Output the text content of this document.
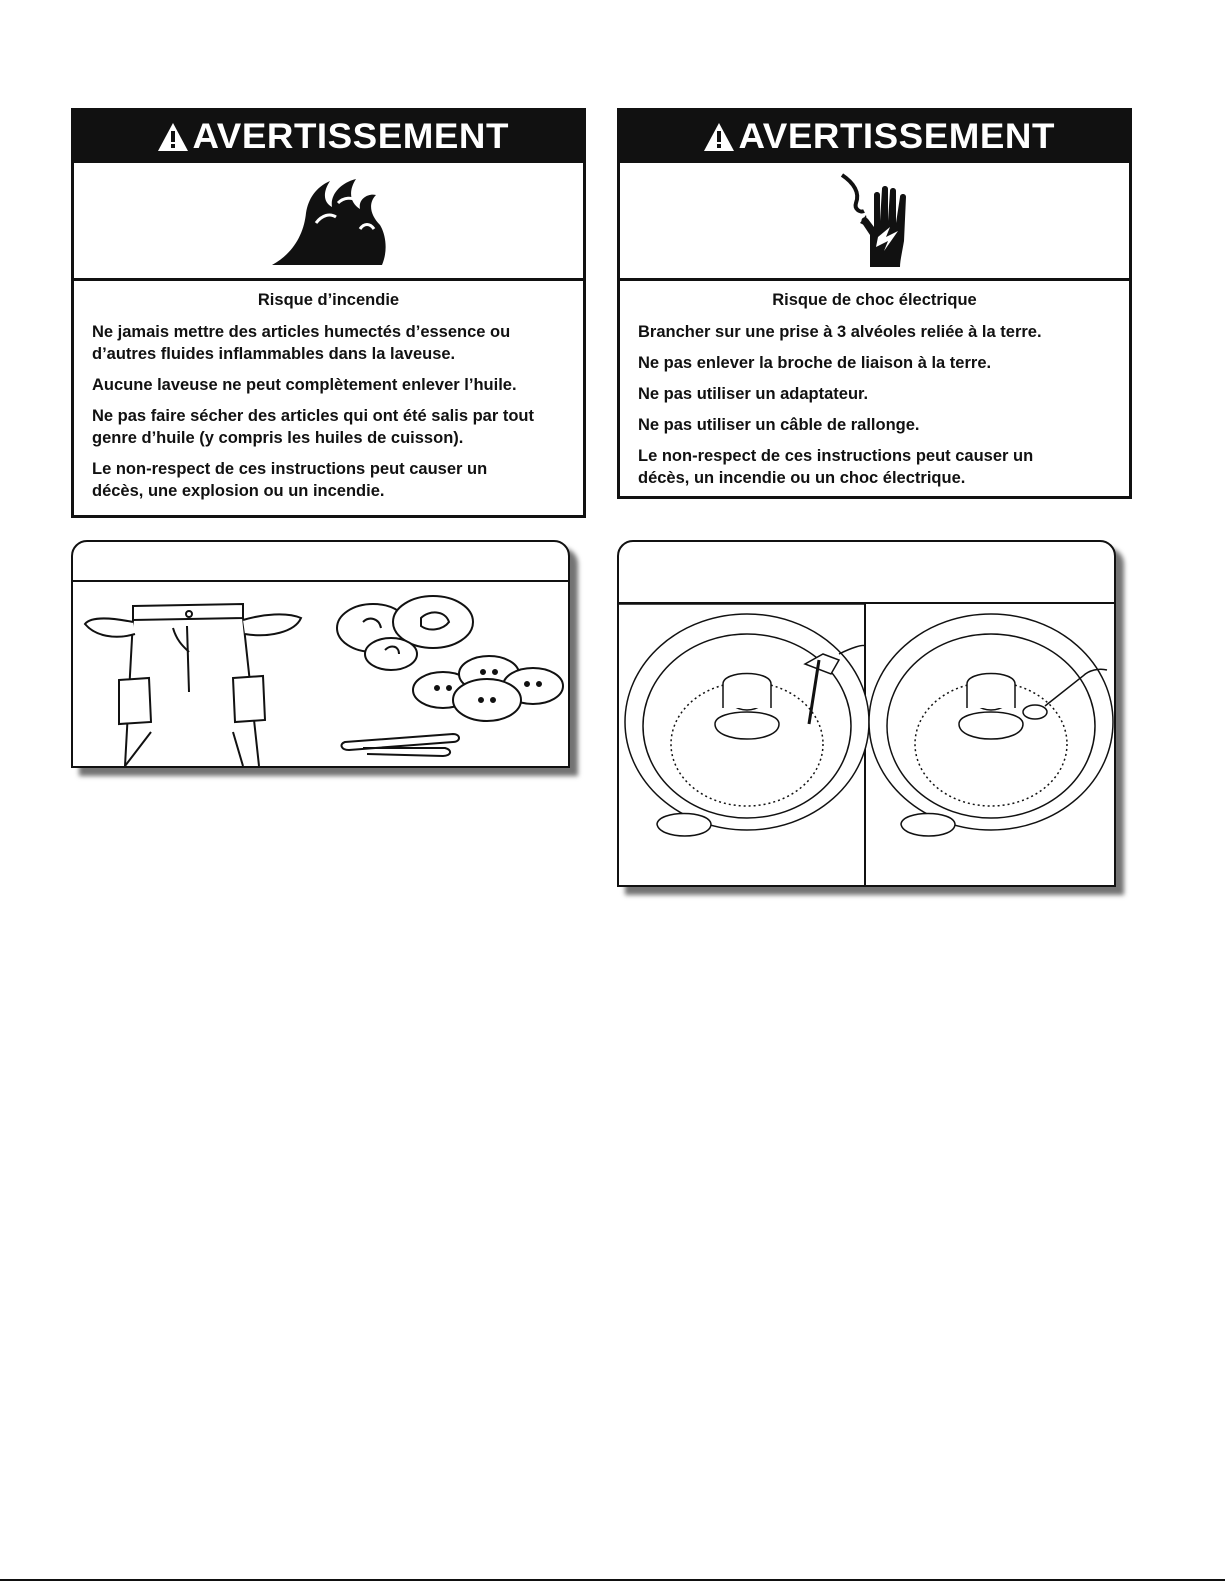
AVERTISSEMENT
Risque d’incendie
Ne jamais mettre des articles humectés d’essence ou d’autres fluides inflammables dans la laveuse.
Aucune laveuse ne peut complètement enlever l’huile.
Ne pas faire sécher des articles qui ont été salis par tout genre d’huile (y compris les huiles de cuisson).
Le non-respect de ces instructions peut causer un décès, une explosion ou un incendie.
AVERTISSEMENT
Risque de choc électrique
Brancher sur une prise à 3 alvéoles reliée à la terre.
Ne pas enlever la broche de liaison à la terre.
Ne pas utiliser un adaptateur.
Ne pas utiliser un câble de rallonge.
Le non-respect de ces instructions peut causer un décès, un incendie ou un choc électrique.
